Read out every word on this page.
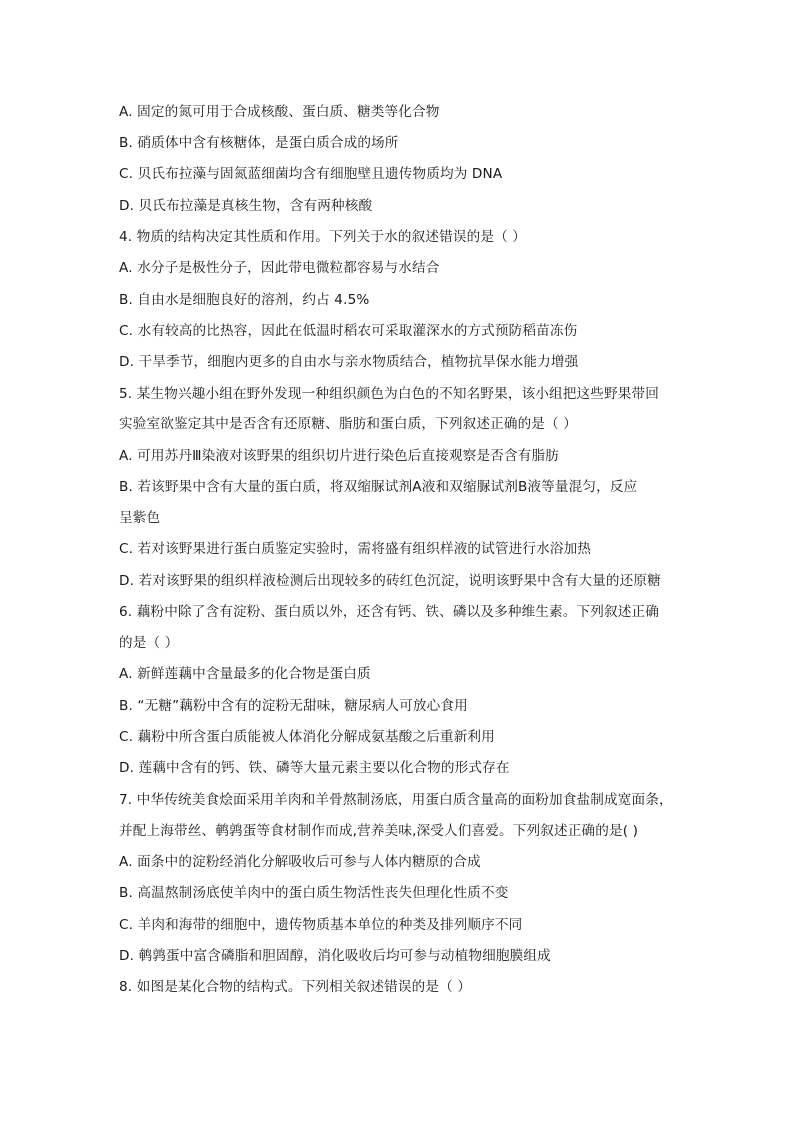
A. 固定的氮可用于合成核酸、蛋白质、糖类等化合物
B. 硝质体中含有核糖体，是蛋白质合成的场所
C. 贝氏布拉藻与固氮蓝细菌均含有细胞壁且遗传物质均为 DNA
D. 贝氏布拉藻是真核生物，含有两种核酸
4. 物质的结构决定其性质和作用。下列关于水的叙述错误的是（ ）
A. 水分子是极性分子，因此带电微粒都容易与水结合
B. 自由水是细胞良好的溶剂，约占 4.5%
C. 水有较高的比热容，因此在低温时稻农可采取灌深水的方式预防稻苗冻伤
D. 干旱季节，细胞内更多的自由水与亲水物质结合，植物抗旱保水能力增强
5. 某生物兴趣小组在野外发现一种组织颜色为白色的不知名野果，该小组把这些野果带回
实验室欲鉴定其中是否含有还原糖、脂肪和蛋白质，下列叙述正确的是（ ）
A. 可用苏丹Ⅲ染液对该野果的组织切片进行染色后直接观察是否含有脂肪
B. 若该野果中含有大量的蛋白质，将双缩脲试剂A液和双缩脲试剂B液等量混匀，反应
呈紫色
C. 若对该野果进行蛋白质鉴定实验时，需将盛有组织样液的试管进行水浴加热
D. 若对该野果的组织样液检测后出现较多的砖红色沉淀，说明该野果中含有大量的还原糖
6. 藕粉中除了含有淀粉、蛋白质以外，还含有钙、铁、磷以及多种维生素。下列叙述正确
的是（ ）
A. 新鲜莲藕中含量最多的化合物是蛋白质
B. “无糖”藕粉中含有的淀粉无甜味，糖尿病人可放心食用
C. 藕粉中所含蛋白质能被人体消化分解成氨基酸之后重新利用
D. 莲藕中含有的钙、铁、磷等大量元素主要以化合物的形式存在
7. 中华传统美食烩面采用羊肉和羊骨熬制汤底，用蛋白质含量高的面粉加食盐制成宽面条，
并配上海带丝、鹌鹑蛋等食材制作而成,营养美味,深受人们喜爱。下列叙述正确的是( )
A. 面条中的淀粉经消化分解吸收后可参与人体内糖原的合成
B. 高温熬制汤底使羊肉中的蛋白质生物活性丧失但理化性质不变
C. 羊肉和海带的细胞中，遗传物质基本单位的种类及排列顺序不同
D. 鹌鹑蛋中富含磷脂和胆固醇，消化吸收后均可参与动植物细胞膜组成
8. 如图是某化合物的结构式。下列相关叙述错误的是（ ）
